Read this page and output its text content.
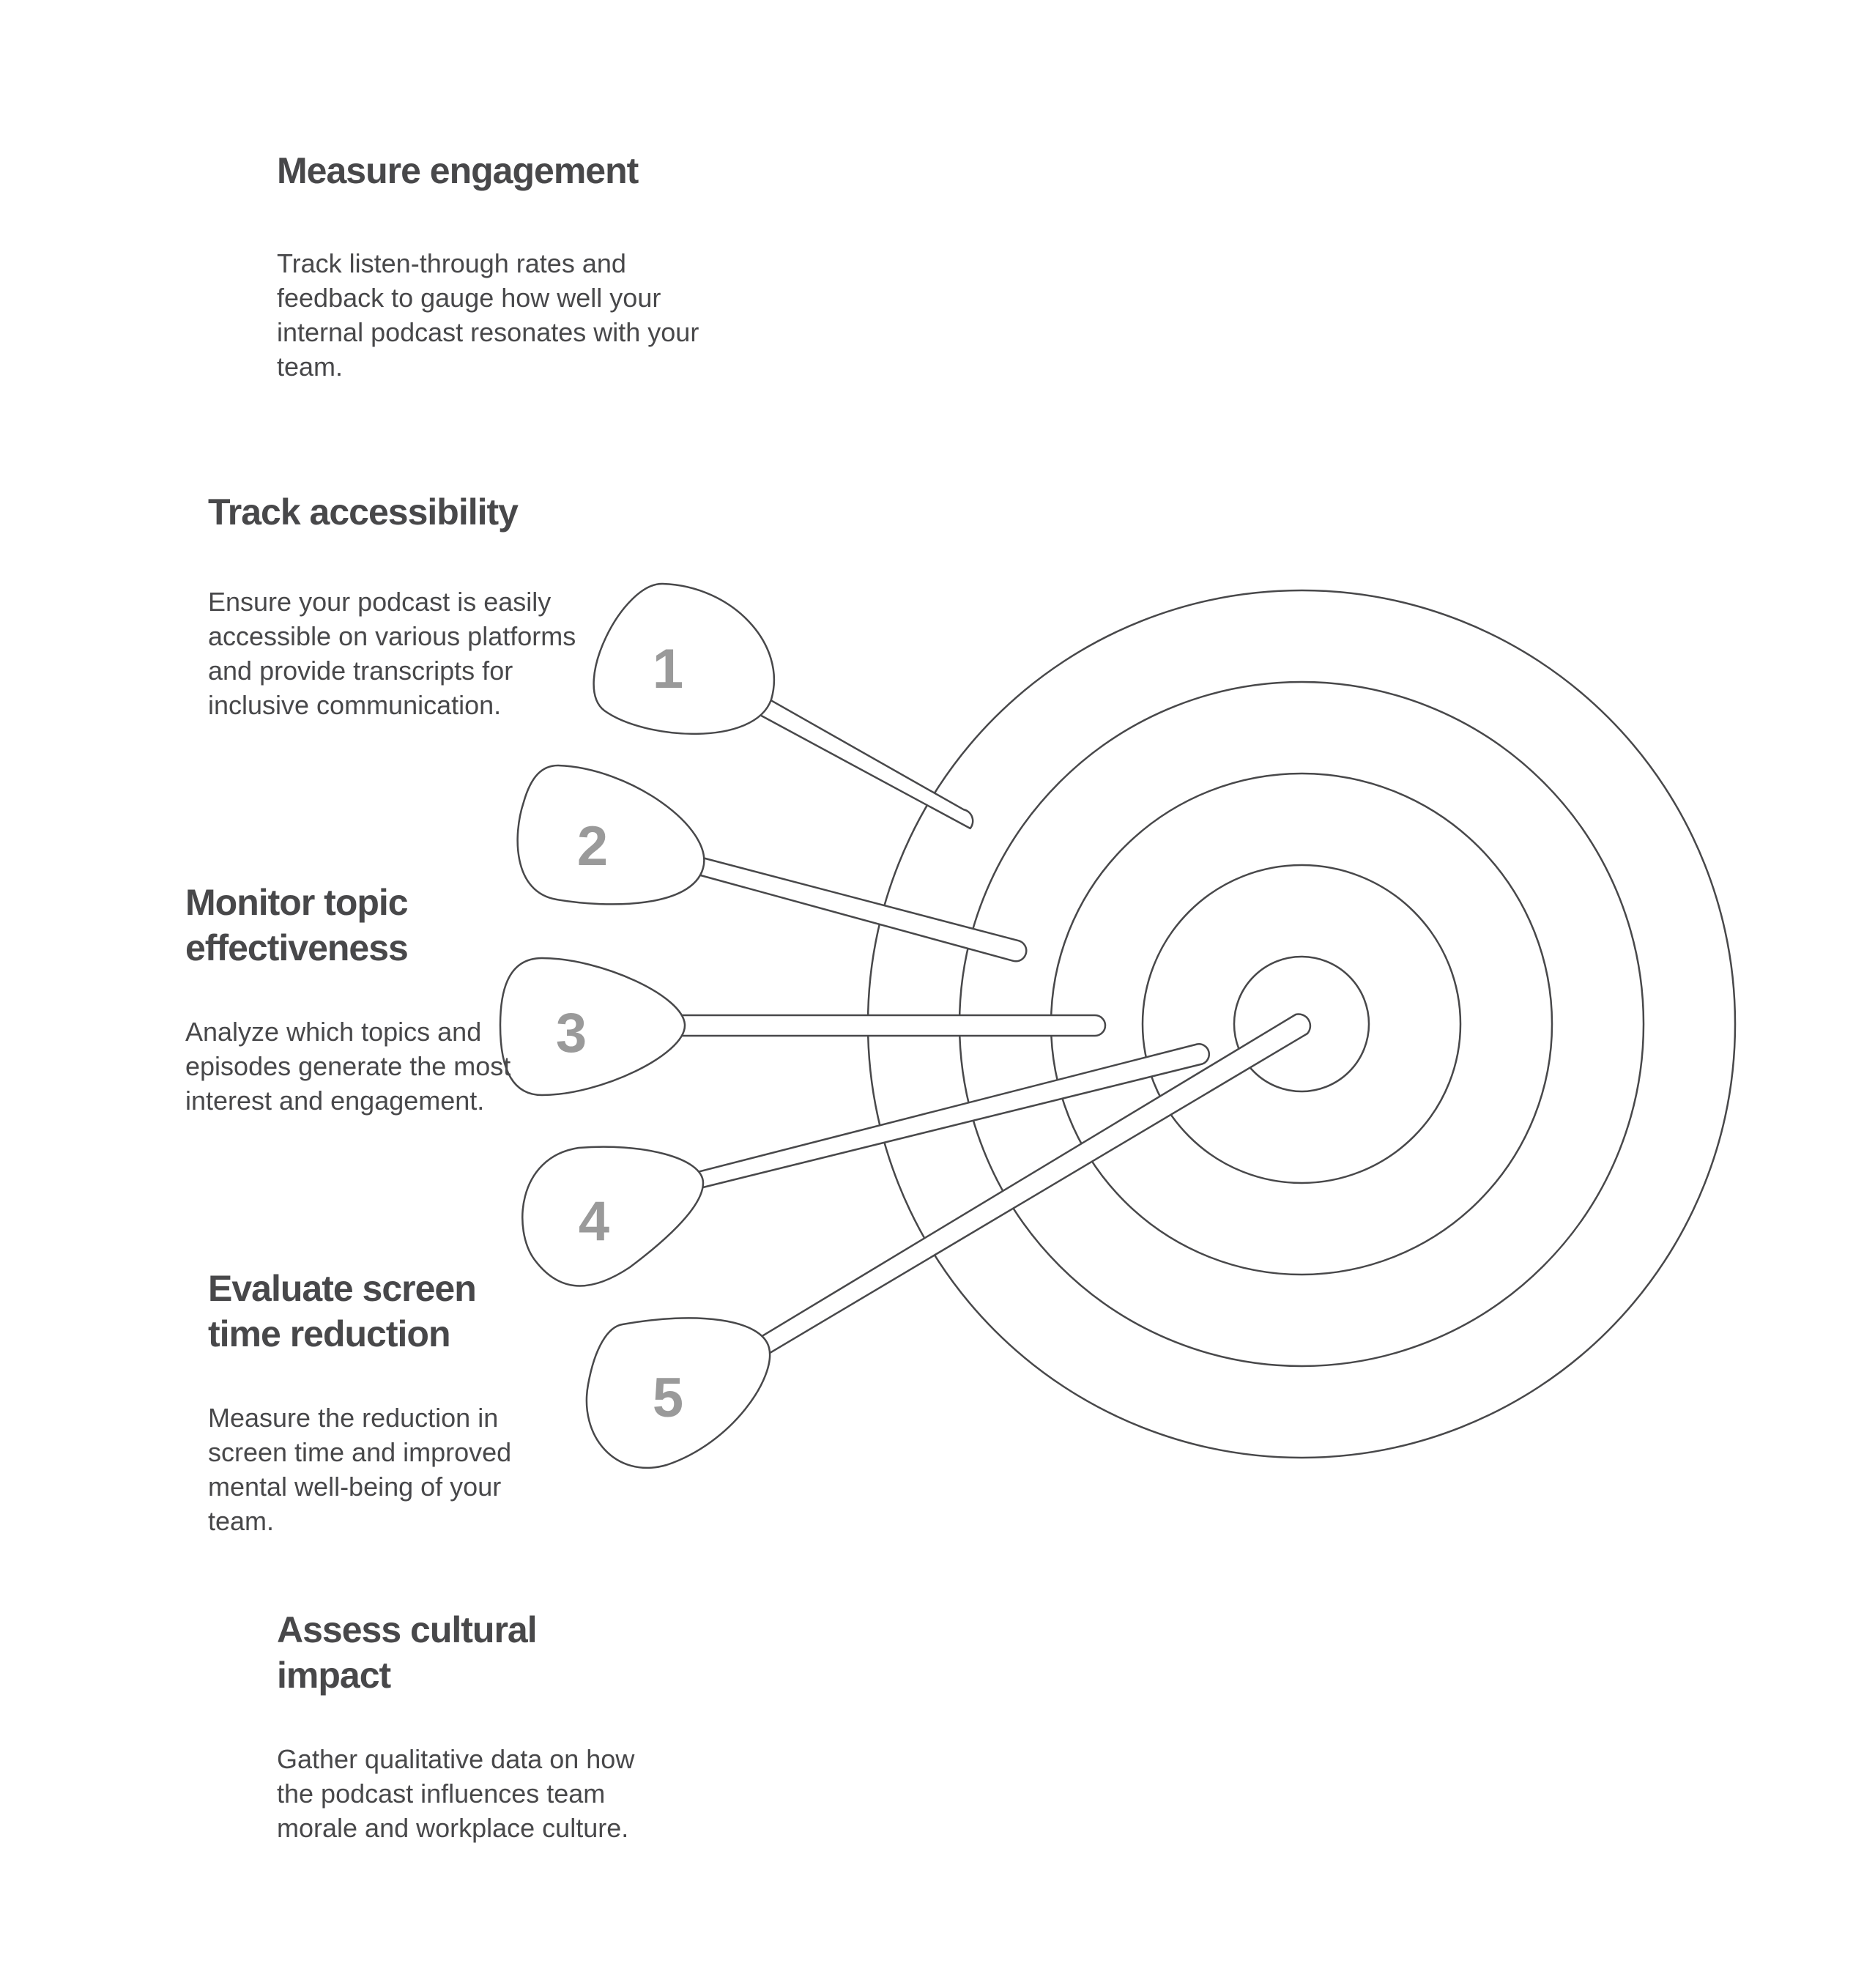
1
2
3
4
5
Measure engagement

Track listen-through rates and feedback to gauge how well your internal podcast resonates with your team.

Track accessibility

Ensure your podcast is easily accessible on various platforms and provide transcripts for inclusive communication.

Monitor topic effectiveness

Analyze which topics and episodes generate the most interest and engagement.

Evaluate screen time reduction

Measure the reduction in screen time and improved mental well-being of your team.

Assess cultural impact

Gather qualitative data on how the podcast influences team morale and workplace culture.
